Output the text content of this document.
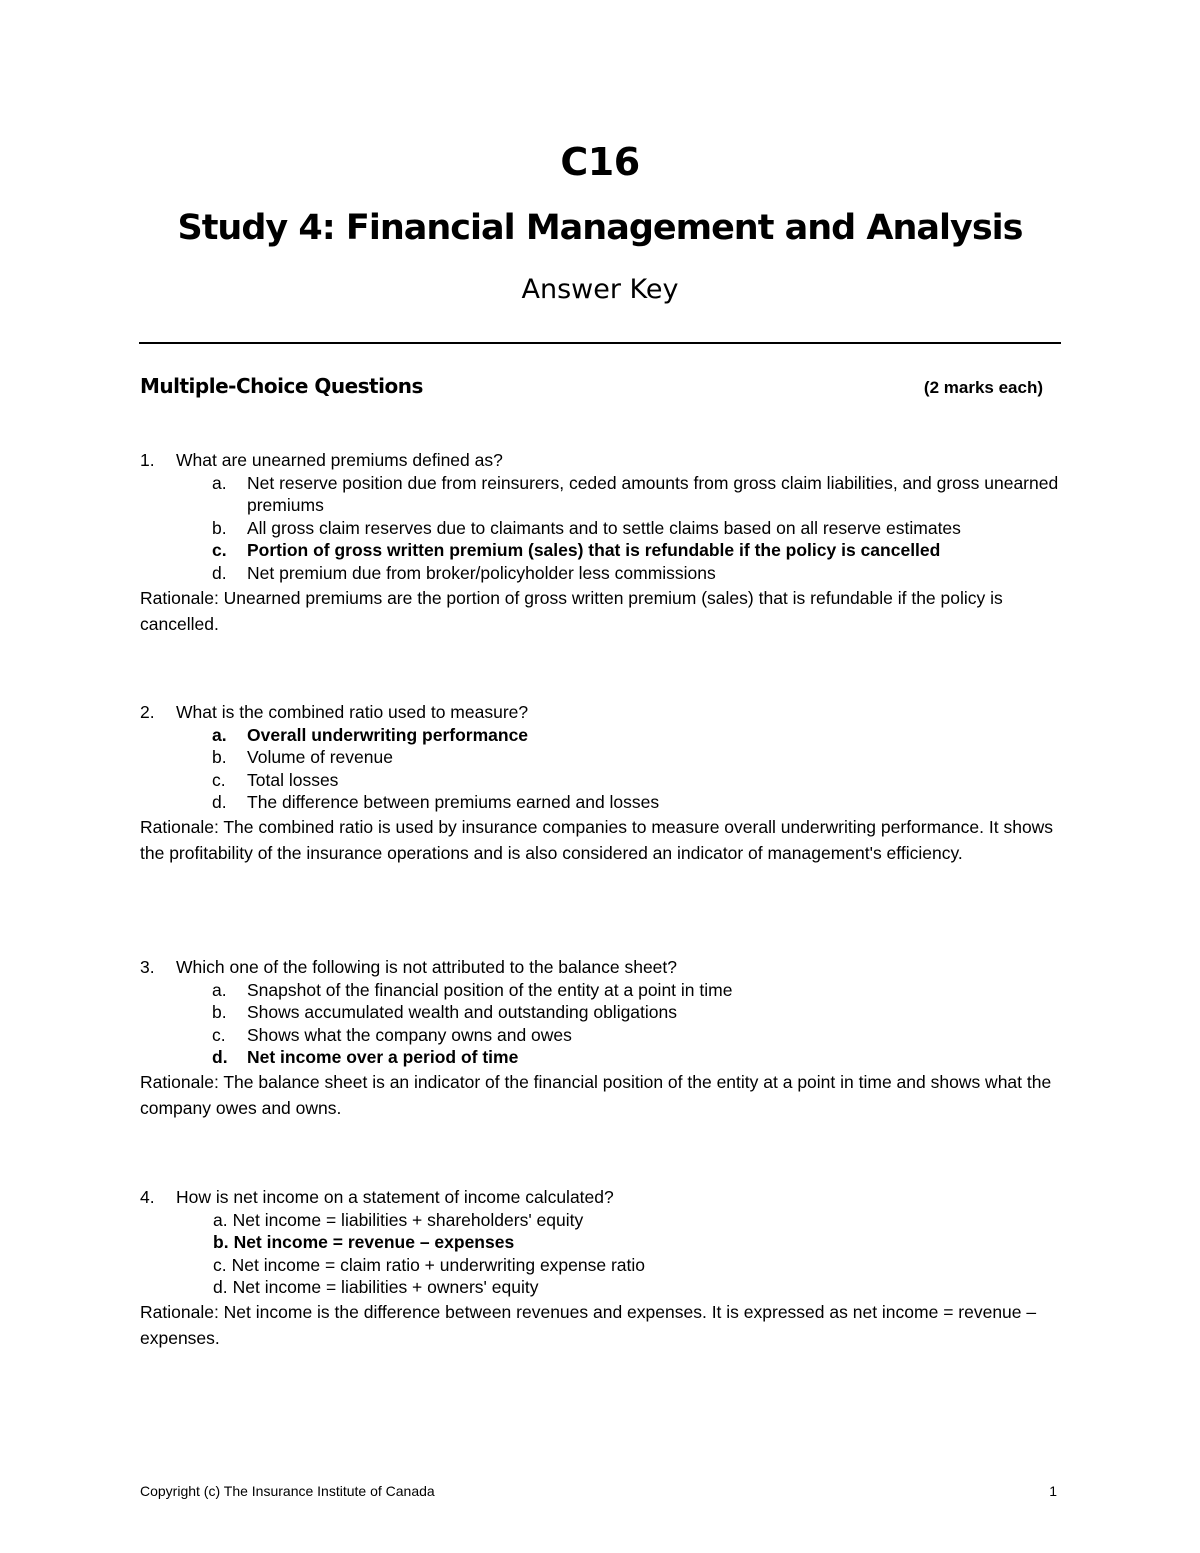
C16
Study 4: Financial Management and Analysis
Answer Key
Multiple-Choice Questions	(2 marks each)
1.	What are unearned premiums defined as?
a.	Net reserve position due from reinsurers, ceded amounts from gross claim liabilities, and gross unearned premiums
b.	All gross claim reserves due to claimants and to settle claims based on all reserve estimates
c.	Portion of gross written premium (sales) that is refundable if the policy is cancelled
d.	Net premium due from broker/policyholder less commissions
Rationale: Unearned premiums are the portion of gross written premium (sales) that is refundable if the policy is cancelled.
2.	What is the combined ratio used to measure?
a.	Overall underwriting performance
b.	Volume of revenue
c.	Total losses
d.	The difference between premiums earned and losses
Rationale: The combined ratio is used by insurance companies to measure overall underwriting performance. It shows the profitability of the insurance operations and is also considered an indicator of management's efficiency.
3.	Which one of the following is not attributed to the balance sheet?
a.	Snapshot of the financial position of the entity at a point in time
b.	Shows accumulated wealth and outstanding obligations
c.	Shows what the company owns and owes
d.	Net income over a period of time
Rationale: The balance sheet is an indicator of the financial position of the entity at a point in time and shows what the company owes and owns.
4.	How is net income on a statement of income calculated?
a. Net income = liabilities + shareholders' equity
b. Net income = revenue – expenses
c. Net income = claim ratio + underwriting expense ratio
d. Net income = liabilities + owners' equity
Rationale: Net income is the difference between revenues and expenses. It is expressed as net income = revenue – expenses.
Copyright (c) The Insurance Institute of Canada	1
